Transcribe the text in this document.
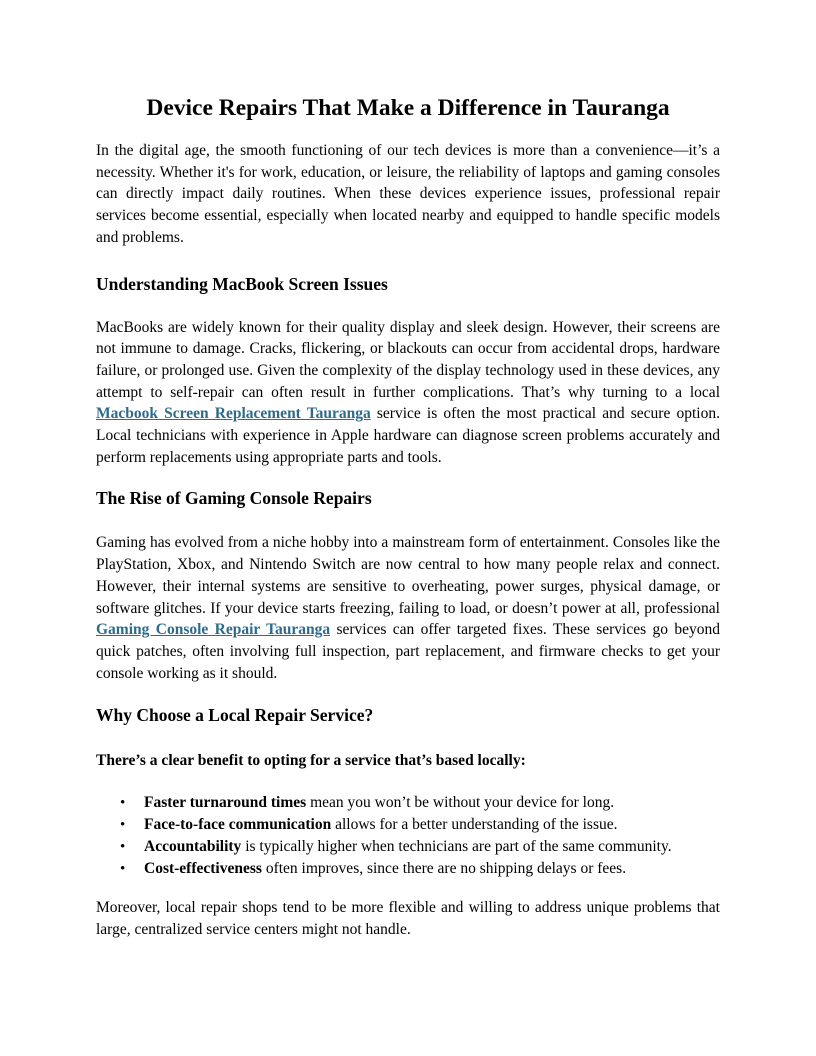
Device Repairs That Make a Difference in Tauranga

In the digital age, the smooth functioning of our tech devices is more than a convenience—it’s a necessity. Whether it's for work, education, or leisure, the reliability of laptops and gaming consoles can directly impact daily routines. When these devices experience issues, professional repair services become essential, especially when located nearby and equipped to handle specific models and problems.

Understanding MacBook Screen Issues

MacBooks are widely known for their quality display and sleek design. However, their screens are not immune to damage. Cracks, flickering, or blackouts can occur from accidental drops, hardware failure, or prolonged use. Given the complexity of the display technology used in these devices, any attempt to self-repair can often result in further complications. That’s why turning to a local Macbook Screen Replacement Tauranga service is often the most practical and secure option. Local technicians with experience in Apple hardware can diagnose screen problems accurately and perform replacements using appropriate parts and tools.

The Rise of Gaming Console Repairs

Gaming has evolved from a niche hobby into a mainstream form of entertainment. Consoles like the PlayStation, Xbox, and Nintendo Switch are now central to how many people relax and connect. However, their internal systems are sensitive to overheating, power surges, physical damage, or software glitches. If your device starts freezing, failing to load, or doesn’t power at all, professional Gaming Console Repair Tauranga services can offer targeted fixes. These services go beyond quick patches, often involving full inspection, part replacement, and firmware checks to get your console working as it should.

Why Choose a Local Repair Service?

There’s a clear benefit to opting for a service that’s based locally:

• Faster turnaround times mean you won’t be without your device for long.
• Face-to-face communication allows for a better understanding of the issue.
• Accountability is typically higher when technicians are part of the same community.
• Cost-effectiveness often improves, since there are no shipping delays or fees.

Moreover, local repair shops tend to be more flexible and willing to address unique problems that large, centralized service centers might not handle.
